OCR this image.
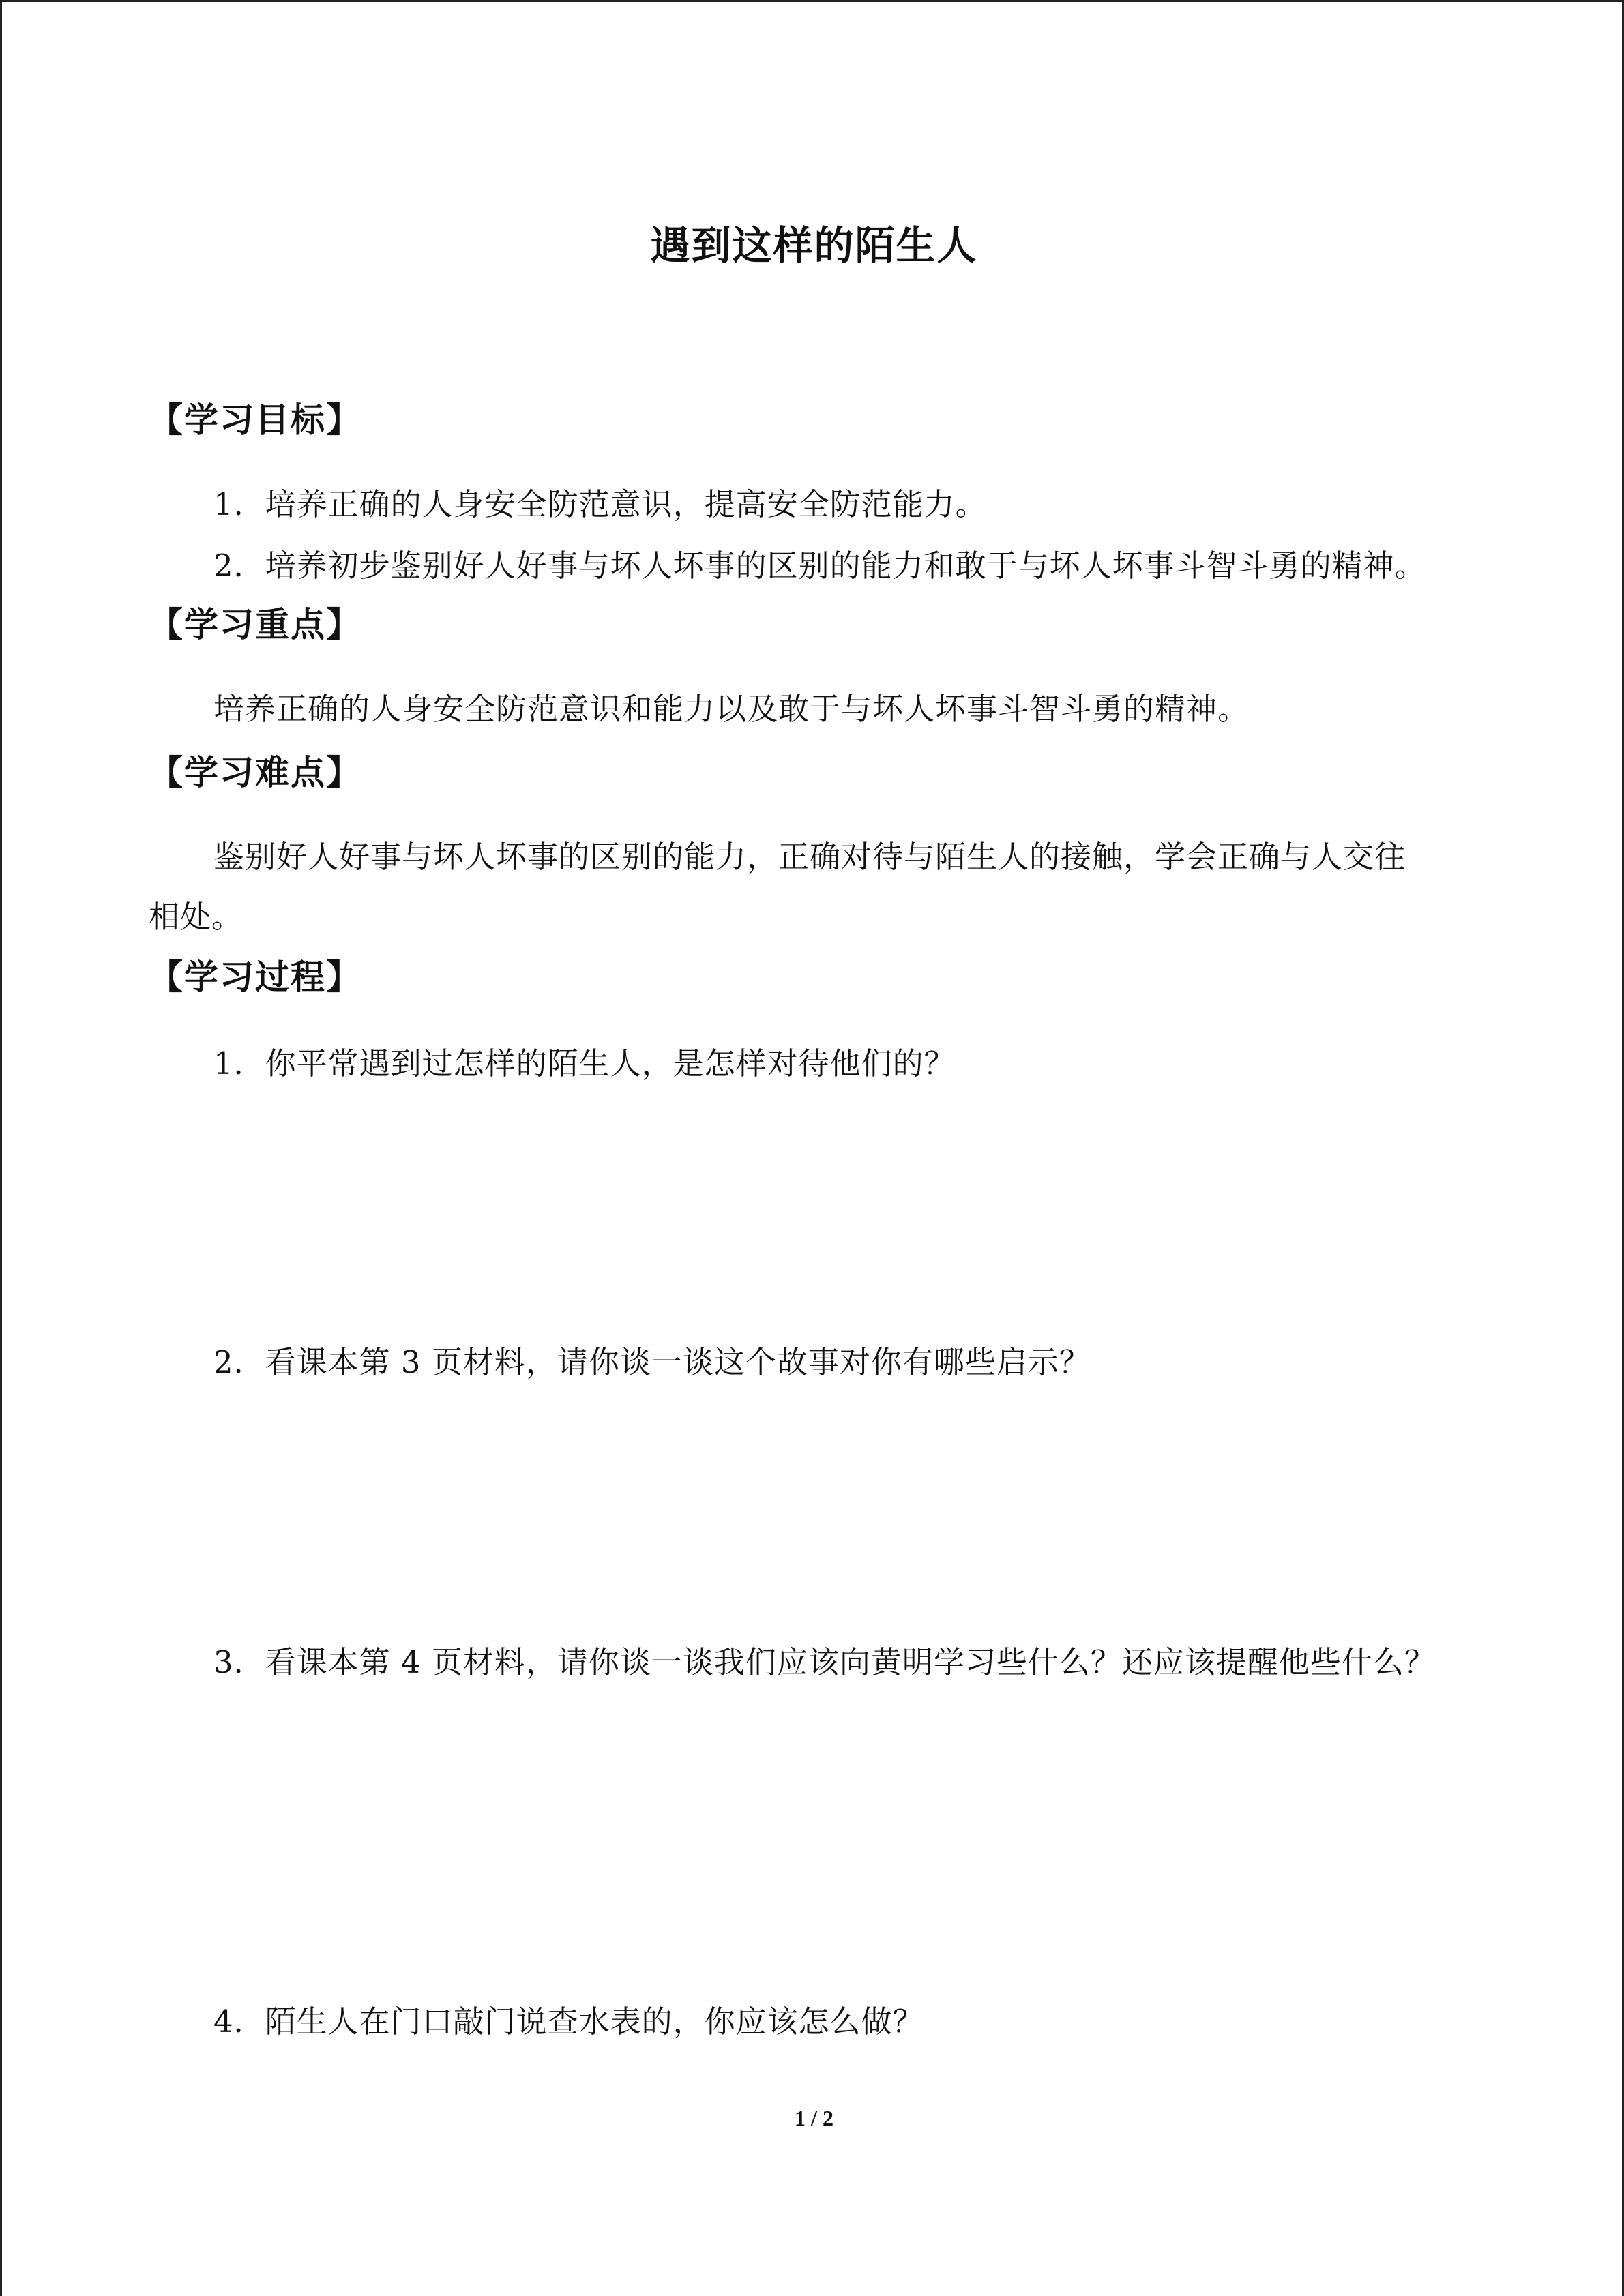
遇到这样的陌生人
【学习目标】
1．培养正确的人身安全防范意识，提高安全防范能力。
2．培养初步鉴别好人好事与坏人坏事的区别的能力和敢于与坏人坏事斗智斗勇的精神。
【学习重点】
培养正确的人身安全防范意识和能力以及敢于与坏人坏事斗智斗勇的精神。
【学习难点】
鉴别好人好事与坏人坏事的区别的能力，正确对待与陌生人的接触，学会正确与人交往
相处。
【学习过程】
1．你平常遇到过怎样的陌生人，是怎样对待他们的？
2．看课本第 3 页材料，请你谈一谈这个故事对你有哪些启示？
3．看课本第 4 页材料，请你谈一谈我们应该向黄明学习些什么？还应该提醒他些什么？
4．陌生人在门口敲门说查水表的，你应该怎么做？
1 / 2
